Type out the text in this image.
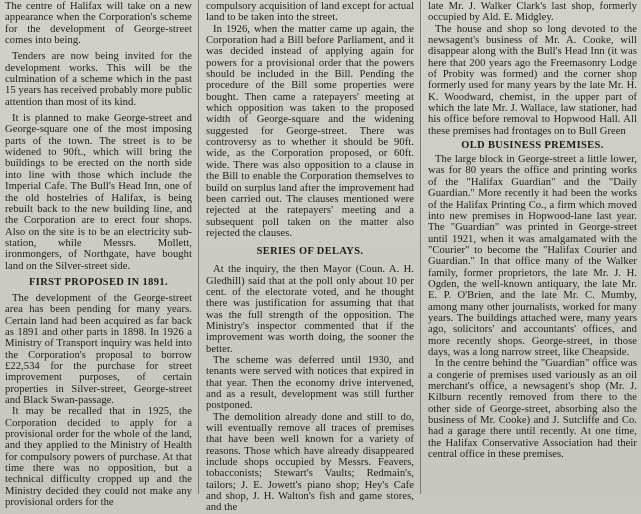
The centre of Halifax will take on a new appearance when the Corporation's scheme for the development of George-street comes into being.

Tenders are now being invited for the development works. This will be the culmination of a scheme which in the past 15 years has received probably more public attention than most of its kind.

It is planned to make George-street and George-square one of the most imposing parts of the town. The street is to be widened to 90ft., which will bring the buildings to be erected on the north side into line with those which include the Imperial Cafe. The Bull's Head Inn, one of the old hostelries of Halifax, is being rebuilt back to the new building line, and the Corporation are to erect four shops. Also on the site is to be an electricity sub-station, while Messrs. Mollett, ironmongers, of Northgate, have bought land on the Silver-street side.

FIRST PROPOSED IN 1891.

The development of the George-street area has been pending for many years. Certain land had been acquired as far back as 1891 and other parts in 1898. In 1926 a Ministry of Transport inquiry was held into the Corporation's proposal to borrow £22,534 for the purchase for street improvement purposes, of certain properties in Silver-street, George-street and Black Swan-passage.

It may be recalled that in 1925, the Corporation decided to apply for a provisional order for the whole of the land, and they applied to the Ministry of Health for compulsory powers of purchase. At that time there was no opposition, but a technical difficulty cropped up and the Ministry decided they could not make any provisional orders for the

compulsory acquisition of land except for actual land to be taken into the street.

In 1926, when the matter came up again, the Corporation had a Bill before Parliament, and it was decided instead of applying again for powers for a provisional order that the powers should be included in the Bill. Pending the procedure of the Bill some properties were bought. Then came a ratepayers' meeting at which opposition was taken to the proposed width of George-square and the widening suggested for George-street. There was controversy as to whether it should be 90ft. wide, as the Corporation proposed, or 60ft. wide. There was also opposition to a clause in the Bill to enable the Corporation themselves to build on surplus land after the improvement had been carried out. The clauses mentioned were rejected at the ratepayers' meeting and a subsequent poll taken on the matter also rejected the clauses.

SERIES OF DELAYS.

At the inquiry, the then Mayor (Coun. A. H. Gledhill) said that at the poll only about 10 per cent. of the electorate voted, and he thought there was justification for assuming that that was the full strength of the opposition. The Ministry's inspector commented that if the improvement was worth doing, the sooner the better.

The scheme was deferred until 1930, and tenants were served with notices that expired in that year. Then the economy drive intervened, and as a result, development was still further postponed.

The demolition already done and still to do, will eventually remove all traces of premises that have been well known for a variety of reasons. Those which have already disappeared include shops occupied by Messrs. Feavers, tobacconists; Stewart's Vaults; Redmain's, tailors; J. E. Jowett's piano shop; Hey's Cafe and shop, J. H. Walton's fish and game stores, and the

late Mr. J. Walker Clark's last shop, formerly occupied by Ald. E. Midgley.

The house and shop so long devoted to the newsagent's business of Mr. A. Cooke, will disappear along with the Bull's Head Inn (it was here that 200 years ago the Freemasonry Lodge of Probity was formed) and the corner shop formerly used for many years by the late Mr. H. K. Woodward, chemist, in the upper part of which the late Mr. J. Wallace, law stationer, had his office before removal to Hopwood Hall. All these premises had frontages on to Bull Green

OLD BUSINESS PREMISES.

The large block in George-street a little lower, was for 80 years the office and printing works of the "Halifax Guardian" and the "Daily Guardian." More recently it had been the works of the Halifax Printing Co., a firm which moved into new premises in Hopwood-lane last year. The "Guardian" was printed in George-street until 1921, when it was amalgamated with the "Courier" to become the "Halifax Courier and Guardian." In that office many of the Walker family, former proprietors, the late Mr. J. H. Ogden, the well-known antiquary, the late Mr. E. P. O'Brien, and the late Mr. C. Mumby, among many other journalists, worked for many years. The buildings attached were, many years ago, solicitors' and accountants' offices, and more recently shops. George-street, in those days, was a long narrow street, like Cheapside.

In the centre behind the "Guardian" office was a congerie of premises used variously as an oil merchant's office, a newsagent's shop (Mr. J. Kilburn recently removed from there to the other side of George-street, absorbing also the business of Mr. Cooke) and J. Sutcliffe and Co. had a garage there until recently. At one time, the Halifax Conservative Association had their central office in these premises.
